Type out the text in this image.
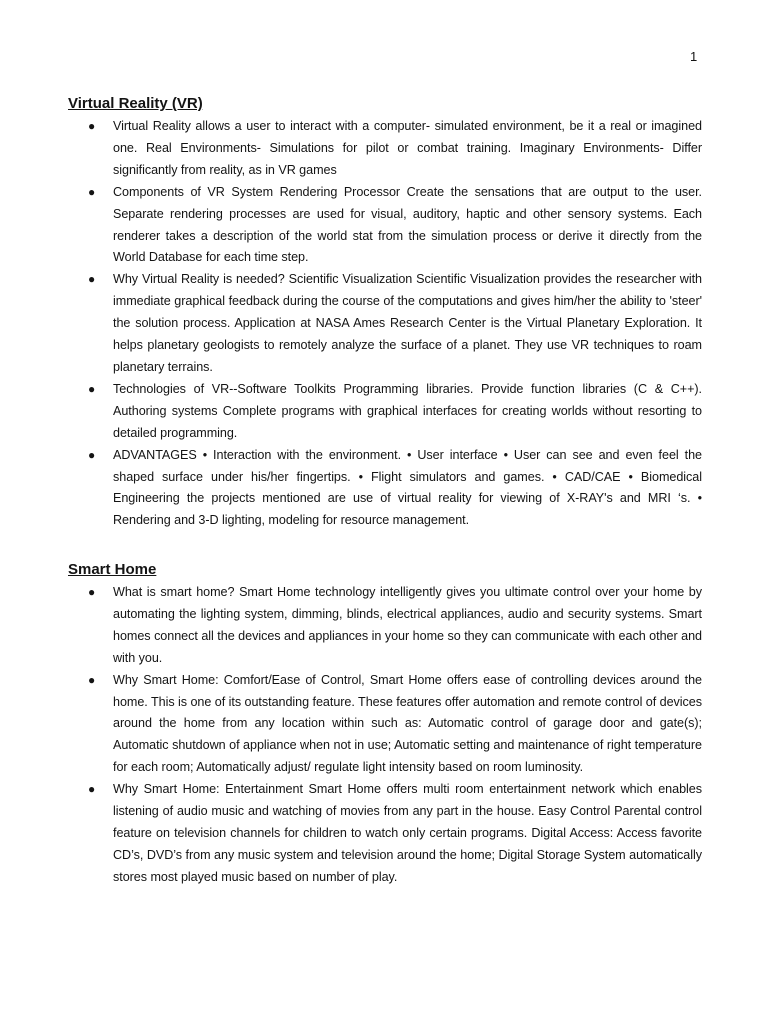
1
Virtual Reality (VR)
● Virtual Reality allows a user to interact with a computer- simulated environment, be it a real or imagined one. Real Environments- Simulations for pilot or combat training. Imaginary Environments- Differ significantly from reality, as in VR games
● Components of VR System Rendering Processor Create the sensations that are output to the user. Separate rendering processes are used for visual, auditory, haptic and other sensory systems. Each renderer takes a description of the world stat from the simulation process or derive it directly from the World Database for each time step.
● Why Virtual Reality is needed? Scientific Visualization Scientific Visualization provides the researcher with immediate graphical feedback during the course of the computations and gives him/her the ability to 'steer' the solution process. Application at NASA Ames Research Center is the Virtual Planetary Exploration. It helps planetary geologists to remotely analyze the surface of a planet. They use VR techniques to roam planetary terrains.
● Technologies of VR--Software Toolkits Programming libraries. Provide function libraries (C & C++). Authoring systems Complete programs with graphical interfaces for creating worlds without resorting to detailed programming.
● ADVANTAGES • Interaction with the environment. • User interface • User can see and even feel the shaped surface under his/her fingertips. • Flight simulators and games. • CAD/CAE • Biomedical Engineering the projects mentioned are use of virtual reality for viewing of X-RAY's and MRI ‘s. • Rendering and 3-D lighting, modeling for resource management.
Smart Home
● What is smart home? Smart Home technology intelligently gives you ultimate control over your home by automating the lighting system, dimming, blinds, electrical appliances, audio and security systems. Smart homes connect all the devices and appliances in your home so they can communicate with each other and with you.
● Why Smart Home: Comfort/Ease of Control, Smart Home offers ease of controlling devices around the home. This is one of its outstanding feature. These features offer automation and remote control of devices around the home from any location within such as: Automatic control of garage door and gate(s); Automatic shutdown of appliance when not in use; Automatic setting and maintenance of right temperature for each room; Automatically adjust/ regulate light intensity based on room luminosity.
● Why Smart Home: Entertainment Smart Home offers multi room entertainment network which enables listening of audio music and watching of movies from any part in the house. Easy Control Parental control feature on television channels for children to watch only certain programs. Digital Access: Access favorite CD’s, DVD’s from any music system and television around the home; Digital Storage System automatically stores most played music based on number of play.
